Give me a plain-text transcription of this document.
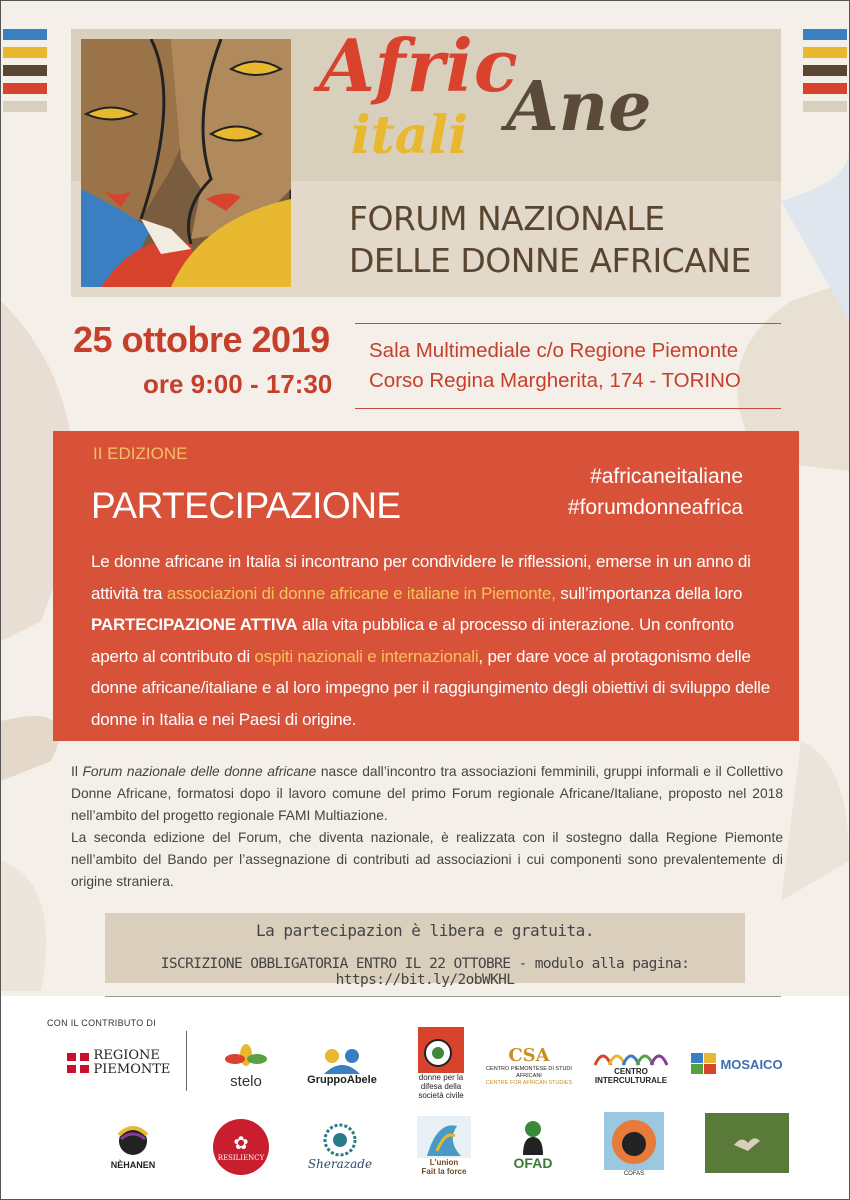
Afric
itali Ane
FORUM NAZIONALE
DELLE DONNE AFRICANE
25 ottobre 2019
ore 9:00 - 17:30
Sala Multimediale c/o Regione Piemonte
Corso Regina Margherita, 174 - TORINO
II EDIZIONE
PARTECIPAZIONE
#africaneitaliane
#forumdonneafrica
Le donne africane in Italia si incontrano per condividere le riflessioni, emerse in un anno di attività tra associazioni di donne africane e italiane in Piemonte, sull’importanza della loro PARTECIPAZIONE ATTIVA alla vita pubblica e al processo di interazione. Un confronto aperto al contributo di ospiti nazionali e internazionali, per dare voce al protagonismo delle donne africane/italiane e al loro impegno per il raggiungimento degli obiettivi di sviluppo delle donne in Italia e nei Paesi di origine.
Il Forum nazionale delle donne africane nasce dall’incontro tra associazioni femminili, gruppi informali e il Collettivo Donne Africane, formatosi dopo il lavoro comune del primo Forum regionale Africane/Italiane, proposto nel 2018 nell’ambito del progetto regionale FAMI Multiazione.
La seconda edizione del Forum, che diventa nazionale, è realizzata con il sostegno dalla Regione Piemonte nell’ambito del Bando per l’assegnazione di contributi ad associazioni i cui componenti sono prevalentemente di origine straniera.
La partecipazion è libera e gratuita.
ISCRIZIONE OBBLIGATORIA ENTRO IL 22 OTTOBRE - modulo alla pagina: https://bit.ly/2obWKHL
CON IL CONTRIBUTO DI
REGIONE
PIEMONTE
stelo	GruppoAbele	donne per la
difesa della
società civile
CSA
CENTRO PIEMONTESE DI STUDI AFRICANI
CENTRE FOR AFRICAN STUDIES
CENTRO
INTERCULTURALE
MOSAICO
NÈHANEN
✿
RESILIENCY	Sherazade	L'union
Fait la force
OFAD
COFAS
